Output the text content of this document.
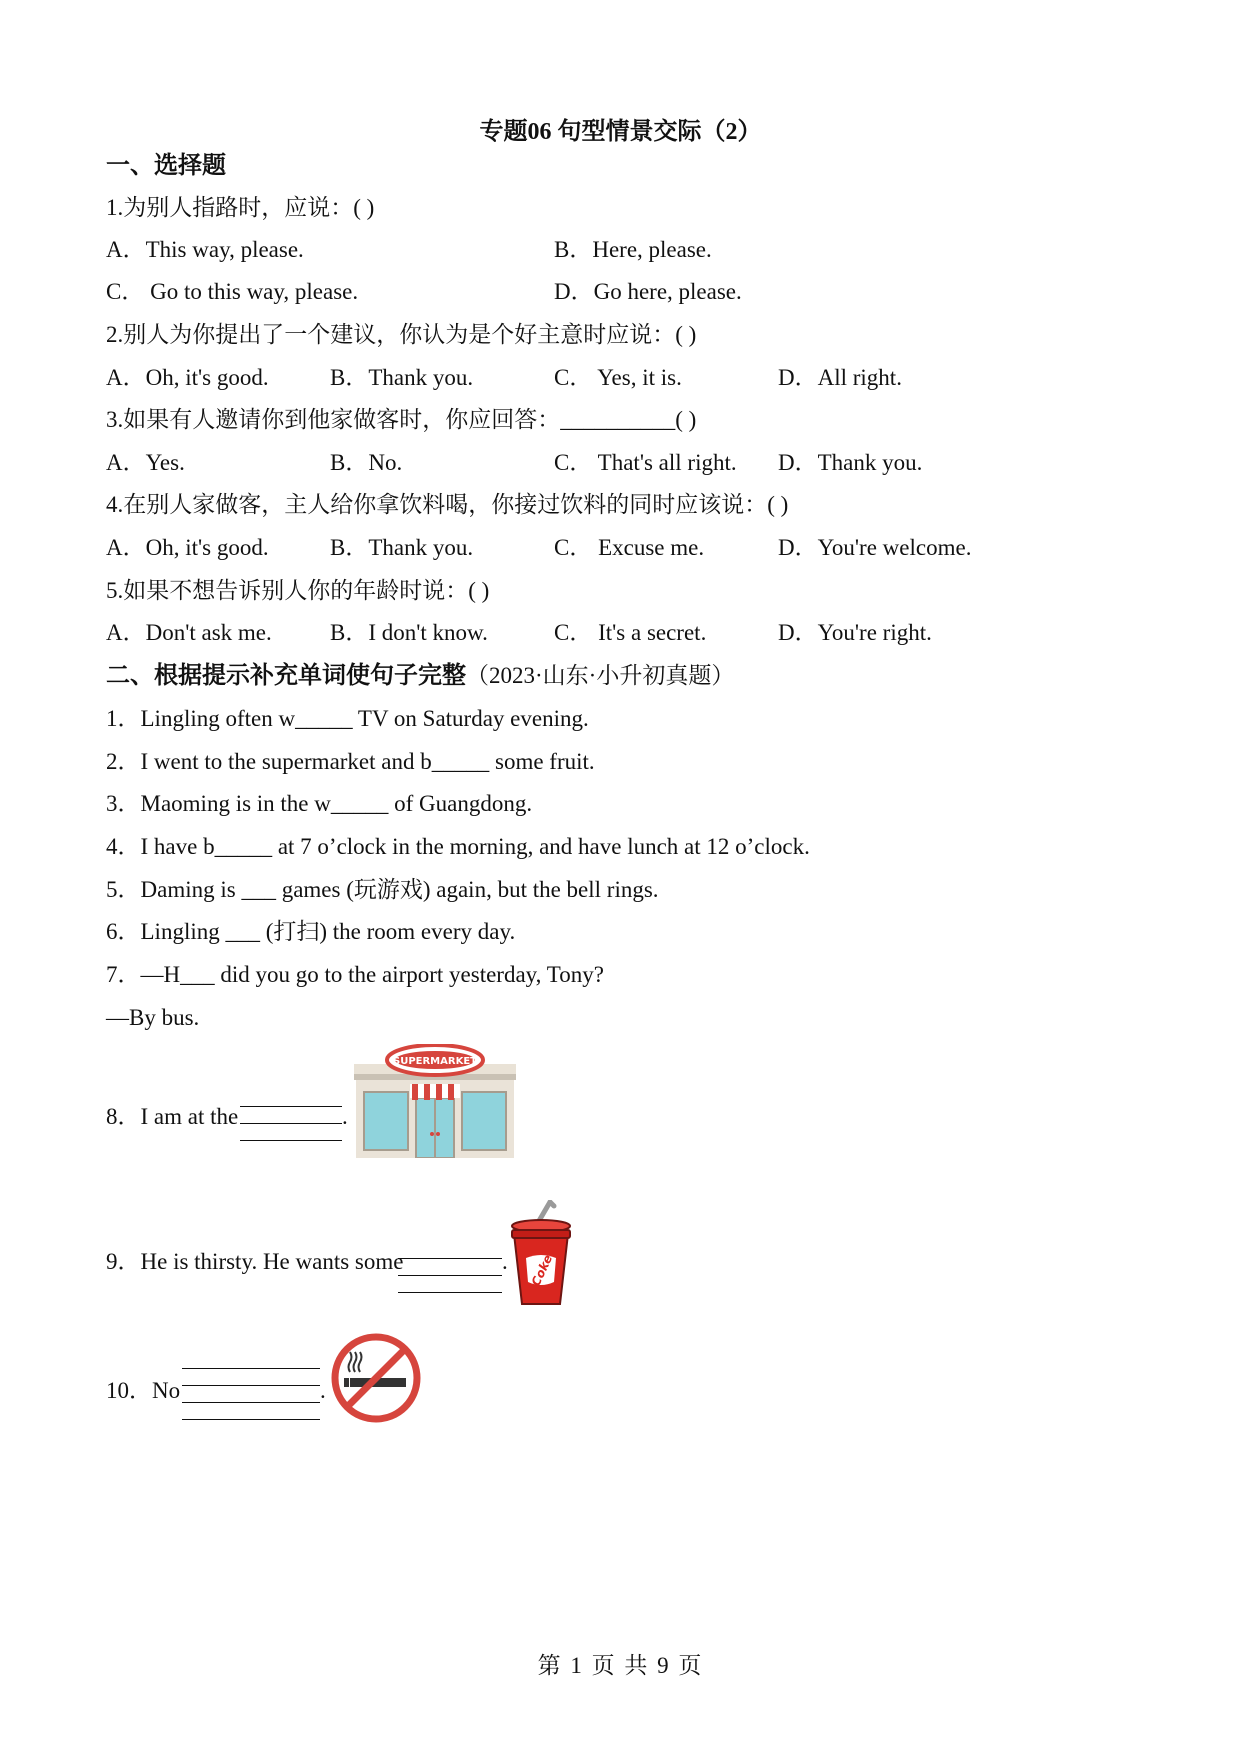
专题06 句型情景交际（2）
一、选择题
1.为别人指路时，应说：( )
A．This way, please.	B．Here, please.
C． Go to this way, please.	D．Go here, please.
2.别人为你提出了一个建议，你认为是个好主意时应说：( )
A．Oh, it's good.	B．Thank you.	C． Yes, it is.	D．All right.
3.如果有人邀请你到他家做客时，你应回答：__________( )
A．Yes.	B．No.	C． That's all right. D．Thank you.
4.在别人家做客，主人给你拿饮料喝，你接过饮料的同时应该说：( )
A．Oh, it's good.	B．Thank you.	C． Excuse me.	D．You're welcome.
5.如果不想告诉别人你的年龄时说：( )
A．Don't ask me.	B．I don't know.	C． It's a secret.	D．You're right.
二、根据提示补充单词使句子完整（2023·山东·小升初真题）
1．Lingling often w_____ TV on Saturday evening.
2．I went to the supermarket and b_____ some fruit.
3．Maoming is in the w_____ of Guangdong.
4．I have b_____ at 7 o’clock in the morning, and have lunch at 12 o’clock.
5．Daming is ___ games (玩游戏) again, but the bell rings.
6．Lingling ___ (打扫) the room every day.
7．—H___ did you go to the airport yesterday, Tony?
—By bus.
8．I am at the	.
SUPERMARKET
9．He is thirsty. He wants some	. Coke
10．No	.
第 1 页 共 9 页
